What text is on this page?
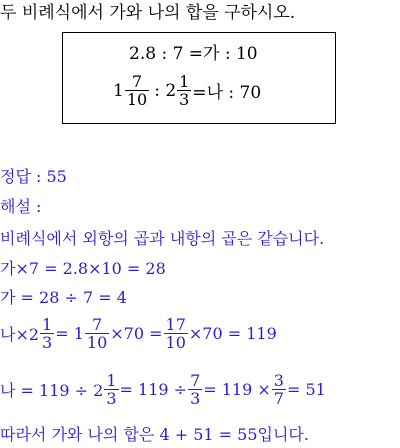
두 비례식에서 가와 나의 합을 구하시오.
2.8 : 7 =가 : 10
$1 \frac{7}{10}$ : $2 \frac{1}{3}$ =나 : 70
정답 : 55
해설 :
비례식에서 외항의 곱과 내항의 곱은 같습니다.
가×7 = 2.8×10 = 28
가 = 28 ÷ 7 = 4
나$\times 2 \frac{1}{3} = 1 \frac{7}{10} \times 70 = \frac{17}{10} \times 70 = 119$
나 = $119 \div 2 \frac{1}{3} = 119 \div \frac{7}{3} = 119 \times \frac{3}{7} = 51$
따라서 가와 나의 합은 4 + 51 = 55입니다.
